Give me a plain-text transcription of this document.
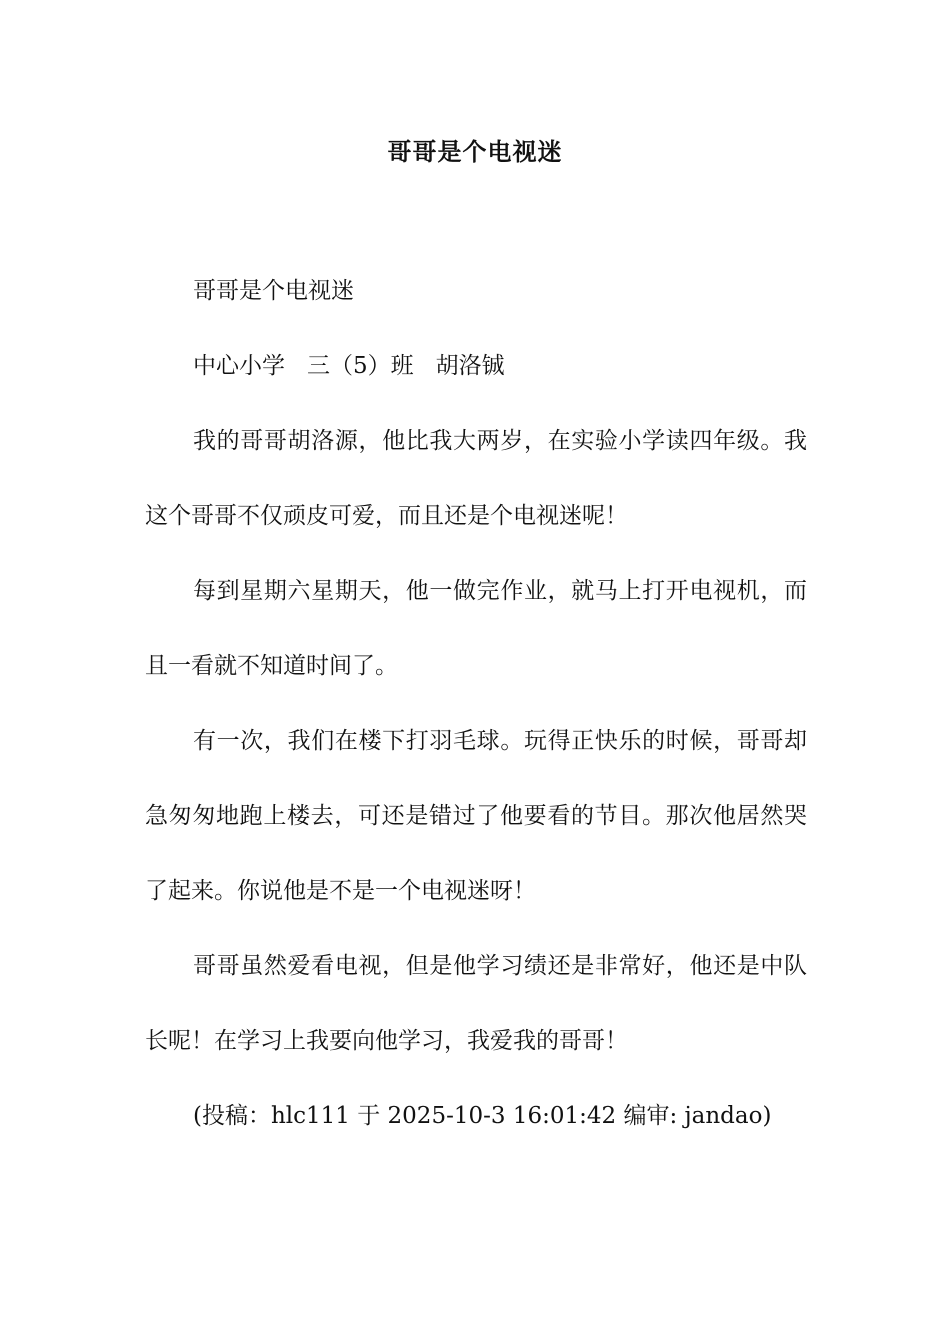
哥哥是个电视迷

哥哥是个电视迷

中心小学 三（5）班 胡洛铖

我的哥哥胡洛源，他比我大两岁，在实验小学读四年级。我这个哥哥不仅顽皮可爱，而且还是个电视迷呢！

每到星期六星期天，他一做完作业，就马上打开电视机，而且一看就不知道时间了。

有一次，我们在楼下打羽毛球。玩得正快乐的时候，哥哥却急匆匆地跑上楼去，可还是错过了他要看的节目。那次他居然哭了起来。你说他是不是一个电视迷呀！

哥哥虽然爱看电视，但是他学习绩还是非常好，他还是中队长呢！在学习上我要向他学习，我爱我的哥哥！

(投稿：hlc111 于 2025-10-3 16:01:42 编审: jandao)
